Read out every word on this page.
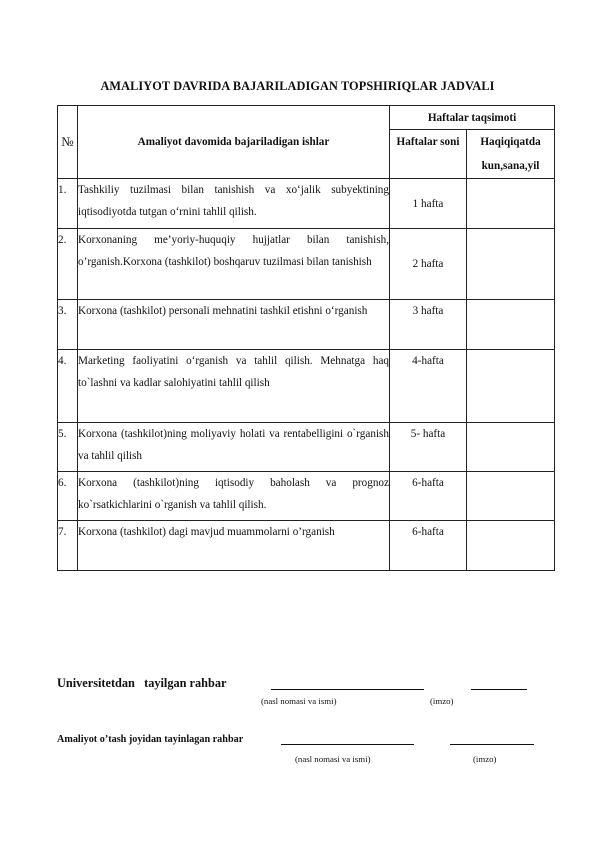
AMALIYOT DAVRIDA BAJARILADIGAN TOPSHIRIQLAR JADVALI
№	Amaliyot davomida bajariladigan ishlar	Haftalar taqsimoti	
		Haftalar soni	Haqiqiqatda kun,sana,yil
1.	Tashkiliy tuzilmasi bilan tanishish va xo‘jalik subyektining iqtisodiyotda tutgan o‘rnini tahlil qilish.	1 hafta	
2.	Korxonaning me’yoriy-huquqiy hujjatlar bilan tanishish, o’rganish.Korxona (tashkilot) boshqaruv tuzilmasi bilan tanishish	2 hafta	
3.	Korxona (tashkilot) personali mehnatini tashkil etishni o‘rganish	3 hafta	
4.	Marketing faoliyatini o‘rganish va tahlil qilish. Mehnatga haq to`lashni va kadlar salohiyatini tahlil qilish	4-hafta	
5.	Korxona (tashkilot)ning moliyaviy holati va rentabelligini o`rganish va tahlil qilish	5- hafta	
6.	Korxona (tashkilot)ning iqtisodiy baholash va prognoz ko`rsatkichlarini o`rganish va tahlil qilish.	6-hafta	
7.	Korxona (tashkilot) dagi mavjud muammolarni o’rganish	6-hafta	
Universitetdan   tayilgan rahbar
(nasl nomasi va ismi)	(imzo)
Amaliyot o’tash joyidan tayinlagan rahbar
(nasl nomasi va ismi)	(imzo)
